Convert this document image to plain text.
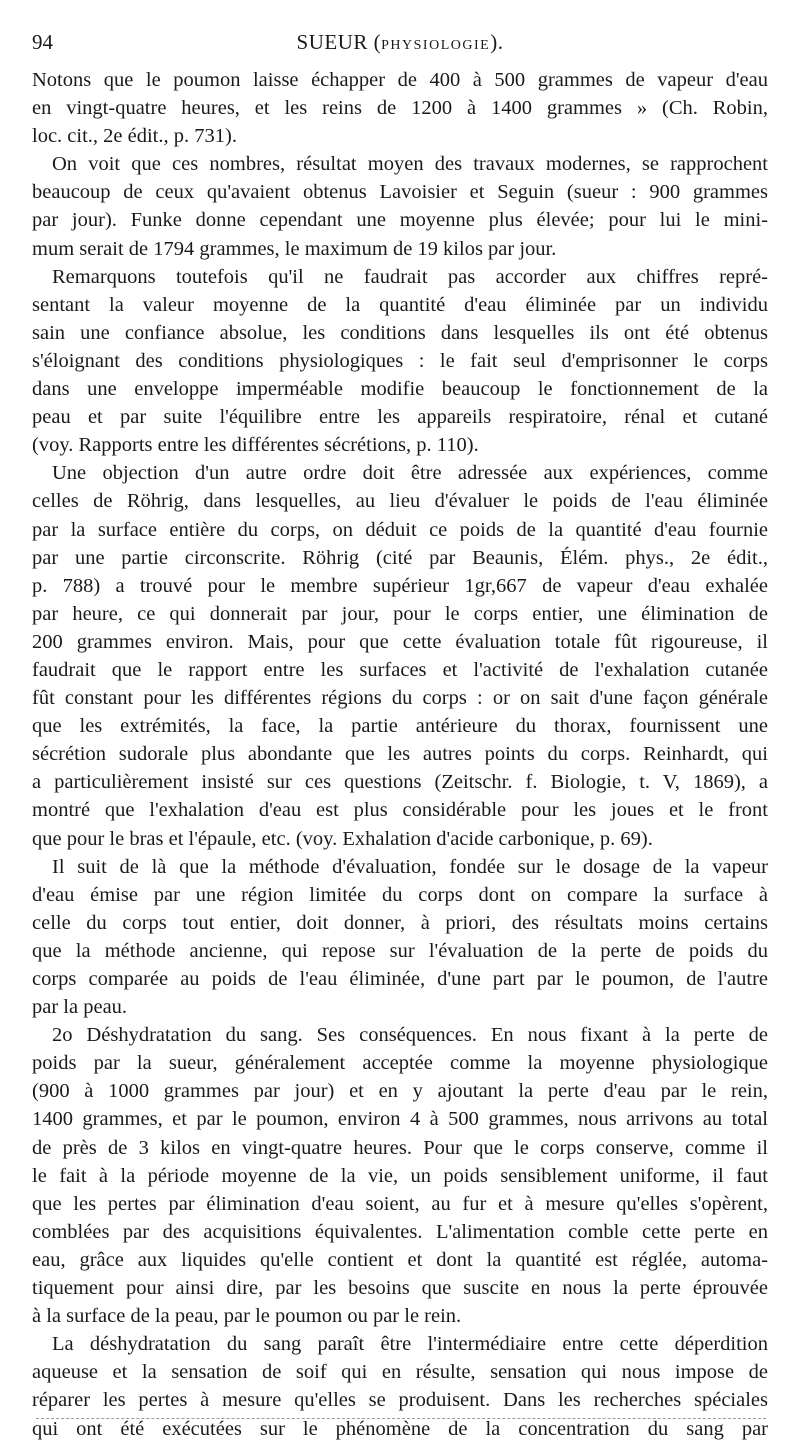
94	SUEUR (PHYSIOLOGIE).
Notons que le poumon laisse échapper de 400 à 500 grammes de vapeur d'eau
en vingt-quatre heures, et les reins de 1200 à 1400 grammes » (Ch. Robin,
loc. cit., 2e édit., p. 731).
On voit que ces nombres, résultat moyen des travaux modernes, se rapprochent
beaucoup de ceux qu'avaient obtenus Lavoisier et Seguin (sueur : 900 grammes
par jour). Funke donne cependant une moyenne plus élevée; pour lui le mini-
mum serait de 1794 grammes, le maximum de 19 kilos par jour.
Remarquons toutefois qu'il ne faudrait pas accorder aux chiffres repré-
sentant la valeur moyenne de la quantité d'eau éliminée par un individu
sain une confiance absolue, les conditions dans lesquelles ils ont été obtenus
s'éloignant des conditions physiologiques : le fait seul d'emprisonner le corps
dans une enveloppe imperméable modifie beaucoup le fonctionnement de la
peau et par suite l'équilibre entre les appareils respiratoire, rénal et cutané
(voy. Rapports entre les différentes sécrétions, p. 110).
Une objection d'un autre ordre doit être adressée aux expériences, comme
celles de Röhrig, dans lesquelles, au lieu d'évaluer le poids de l'eau éliminée
par la surface entière du corps, on déduit ce poids de la quantité d'eau fournie
par une partie circonscrite. Röhrig (cité par Beaunis, Élém. phys., 2e édit.,
p. 788) a trouvé pour le membre supérieur 1gr,667 de vapeur d'eau exhalée
par heure, ce qui donnerait par jour, pour le corps entier, une élimination de
200 grammes environ. Mais, pour que cette évaluation totale fût rigoureuse, il
faudrait que le rapport entre les surfaces et l'activité de l'exhalation cutanée
fût constant pour les différentes régions du corps : or on sait d'une façon générale
que les extrémités, la face, la partie antérieure du thorax, fournissent une
sécrétion sudorale plus abondante que les autres points du corps. Reinhardt, qui
a particulièrement insisté sur ces questions (Zeitschr. f. Biologie, t. V, 1869), a
montré que l'exhalation d'eau est plus considérable pour les joues et le front
que pour le bras et l'épaule, etc. (voy. Exhalation d'acide carbonique, p. 69).
Il suit de là que la méthode d'évaluation, fondée sur le dosage de la vapeur
d'eau émise par une région limitée du corps dont on compare la surface à
celle du corps tout entier, doit donner, à priori, des résultats moins certains
que la méthode ancienne, qui repose sur l'évaluation de la perte de poids du
corps comparée au poids de l'eau éliminée, d'une part par le poumon, de l'autre
par la peau.
2o Déshydratation du sang. Ses conséquences. En nous fixant à la perte de
poids par la sueur, généralement acceptée comme la moyenne physiologique
(900 à 1000 grammes par jour) et en y ajoutant la perte d'eau par le rein,
1400 grammes, et par le poumon, environ 4 à 500 grammes, nous arrivons au total
de près de 3 kilos en vingt-quatre heures. Pour que le corps conserve, comme il
le fait à la période moyenne de la vie, un poids sensiblement uniforme, il faut
que les pertes par élimination d'eau soient, au fur et à mesure qu'elles s'opèrent,
comblées par des acquisitions équivalentes. L'alimentation comble cette perte en
eau, grâce aux liquides qu'elle contient et dont la quantité est réglée, automa-
tiquement pour ainsi dire, par les besoins que suscite en nous la perte éprouvée
à la surface de la peau, par le poumon ou par le rein.
La déshydratation du sang paraît être l'intermédiaire entre cette déperdition
aqueuse et la sensation de soif qui en résulte, sensation qui nous impose de
réparer les pertes à mesure qu'elles se produisent. Dans les recherches spéciales
qui ont été exécutées sur le phénomène de la concentration du sang par
